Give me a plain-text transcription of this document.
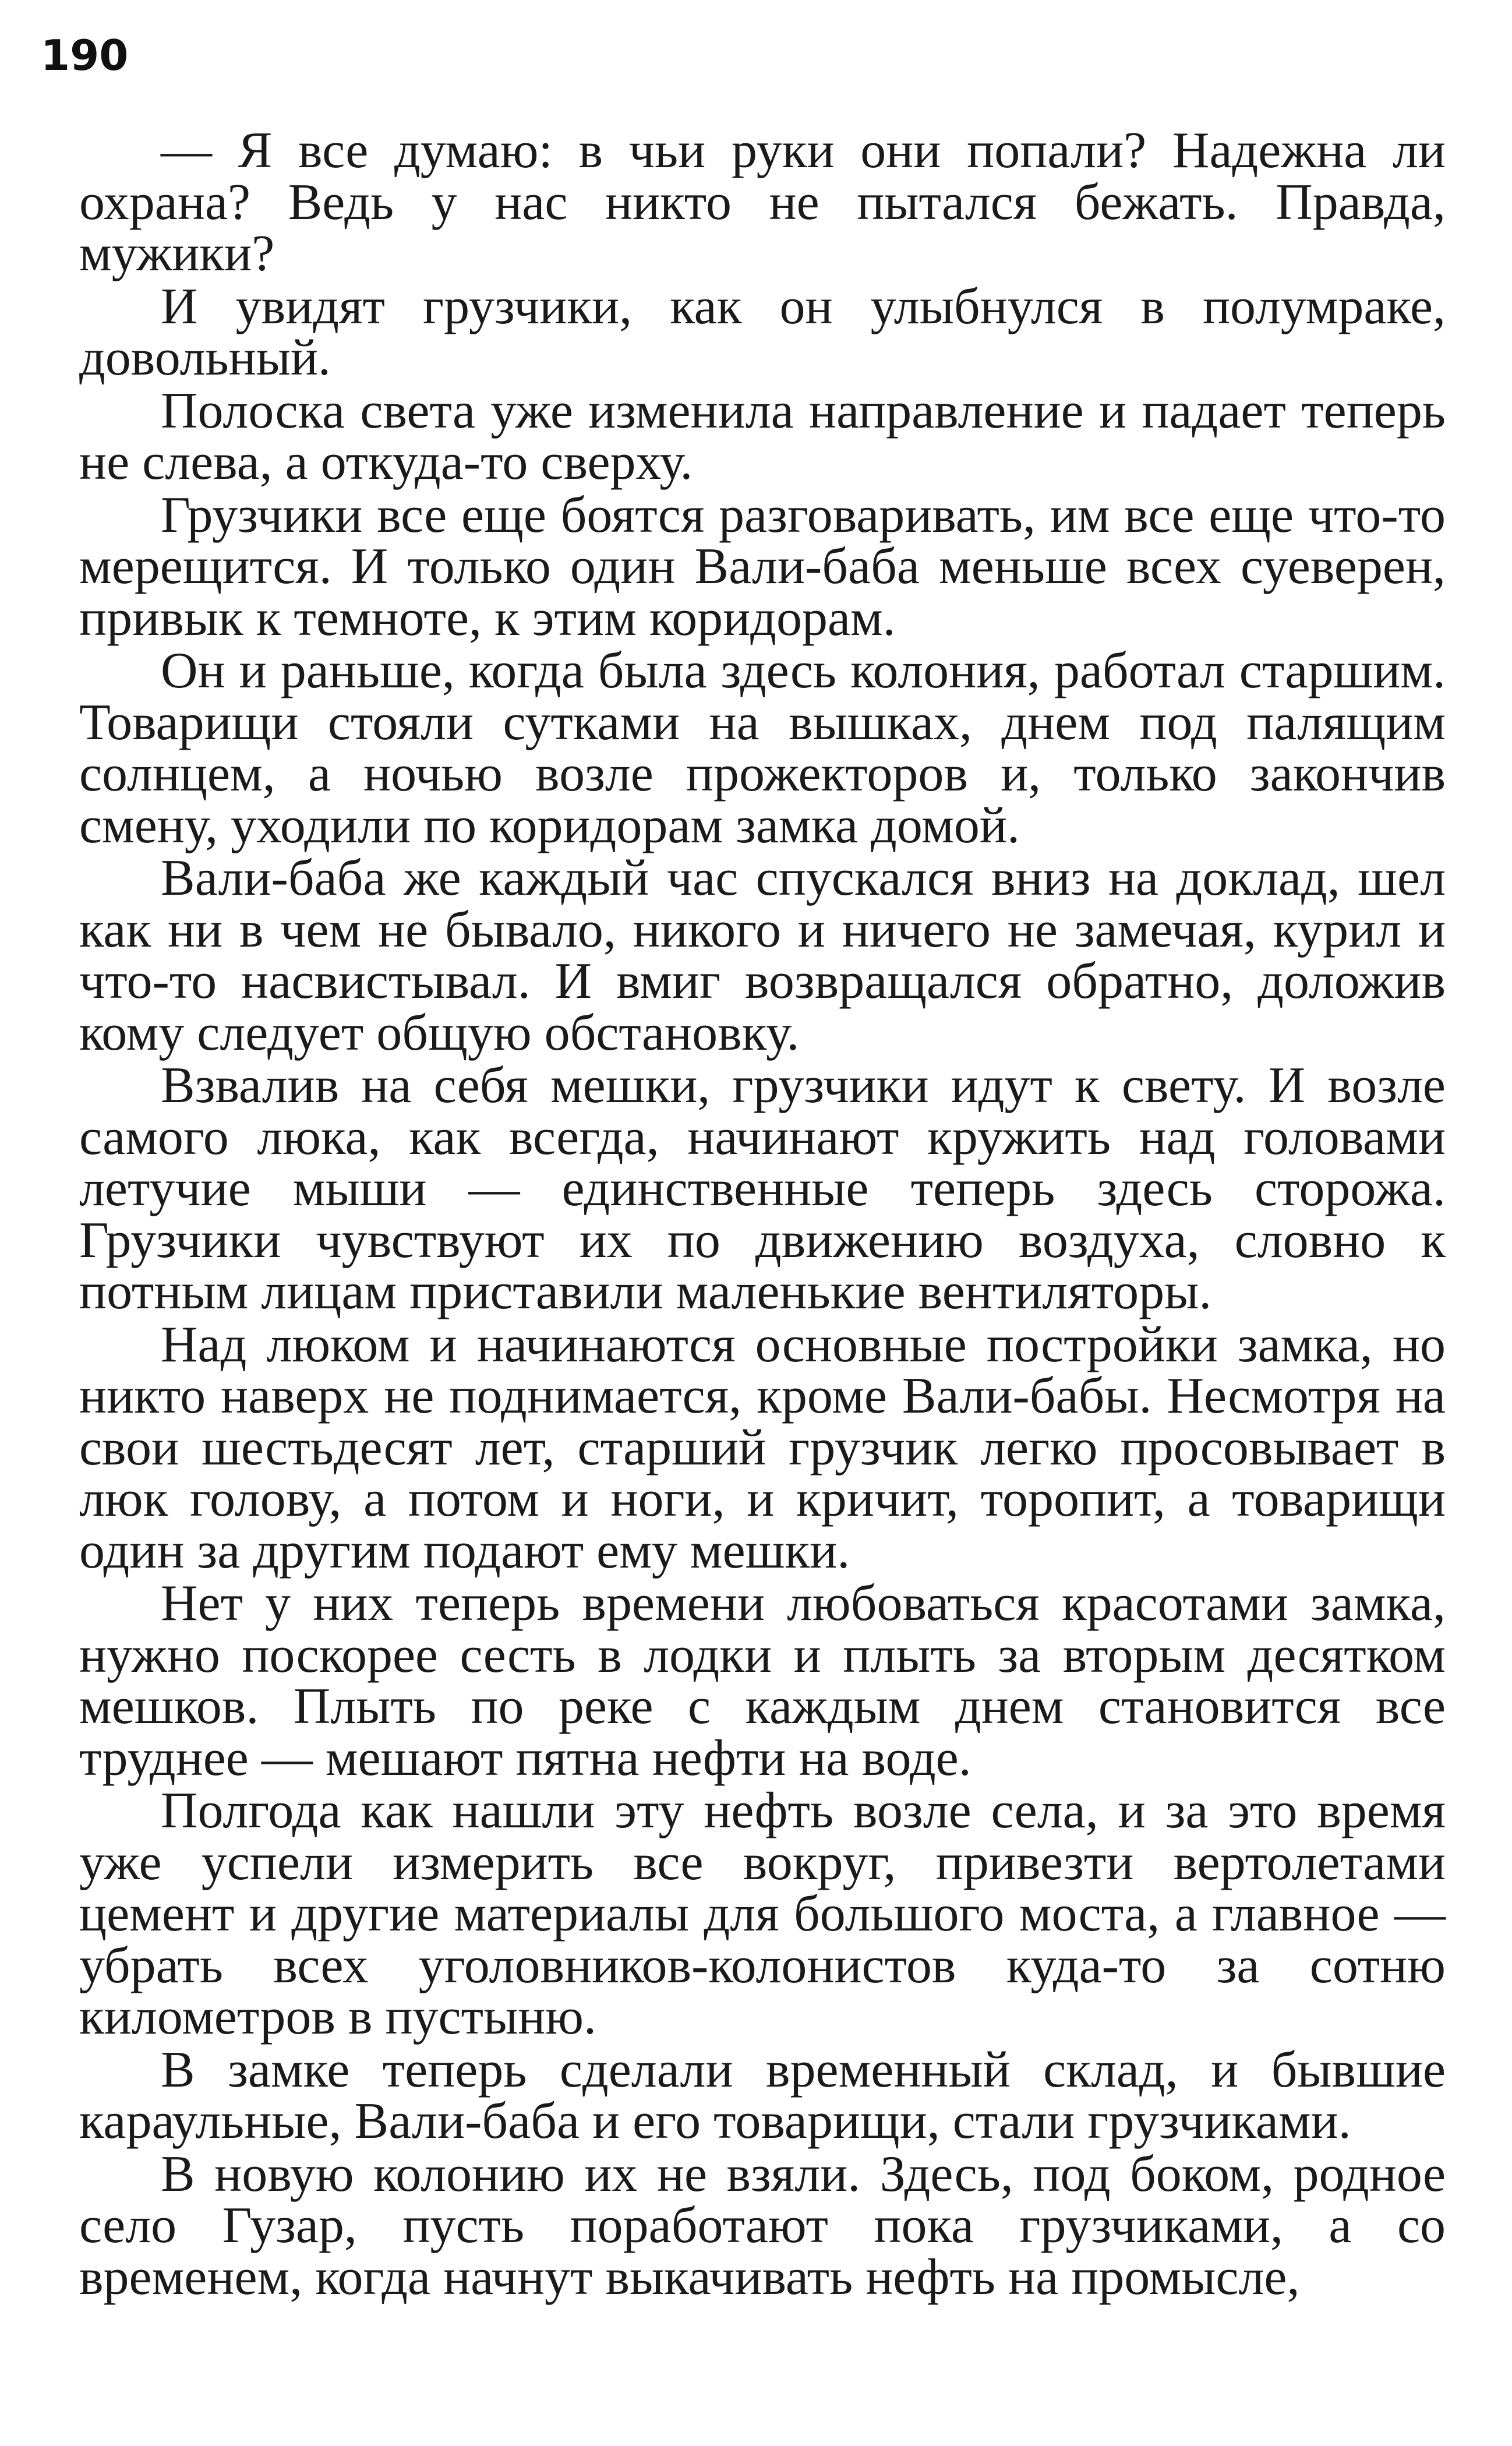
190

— Я все думаю: в чьи руки они попали? Надежна ли охрана? Ведь у нас никто не пытался бежать. Правда, мужики?

И увидят грузчики, как он улыбнулся в полумраке, довольный.

Полоска света уже изменила направление и падает теперь не слева, а откуда-то сверху.

Грузчики все еще боятся разговаривать, им все еще что-то мерещится. И только один Вали-баба меньше всех суеверен, привык к темноте, к этим коридорам.

Он и раньше, когда была здесь колония, работал старшим. Товарищи стояли сутками на вышках, днем под палящим солнцем, а ночью возле прожекторов и, только закончив смену, уходили по коридорам замка домой.

Вали-баба же каждый час спускался вниз на доклад, шел как ни в чем не бывало, никого и ничего не замечая, курил и что-то насвистывал. И вмиг возвращался обратно, доложив кому следует общую обстановку.

Взвалив на себя мешки, грузчики идут к свету. И возле самого люка, как всегда, начинают кружить над головами летучие мыши — единственные теперь здесь сторожа. Грузчики чувствуют их по движению воздуха, словно к потным лицам приставили маленькие вентиляторы.

Над люком и начинаются основные постройки замка, но никто наверх не поднимается, кроме Вали-бабы. Несмотря на свои шестьдесят лет, старший грузчик легко просовывает в люк голову, а потом и ноги, и кричит, торопит, а товарищи один за другим подают ему мешки.

Нет у них теперь времени любоваться красотами замка, нужно поскорее сесть в лодки и плыть за вторым десятком мешков. Плыть по реке с каждым днем становится все труднее — мешают пятна нефти на воде.

Полгода как нашли эту нефть возле села, и за это время уже успели измерить все вокруг, привезти вертолетами цемент и другие материалы для большого моста, а главное — убрать всех уголовников-колонистов куда-то за сотню километров в пустыню.

В замке теперь сделали временный склад, и бывшие караульные, Вали-баба и его товарищи, стали грузчиками.

В новую колонию их не взяли. Здесь, под боком, родное село Гузар, пусть поработают пока грузчиками, а со временем, когда начнут выкачивать нефть на промысле,
